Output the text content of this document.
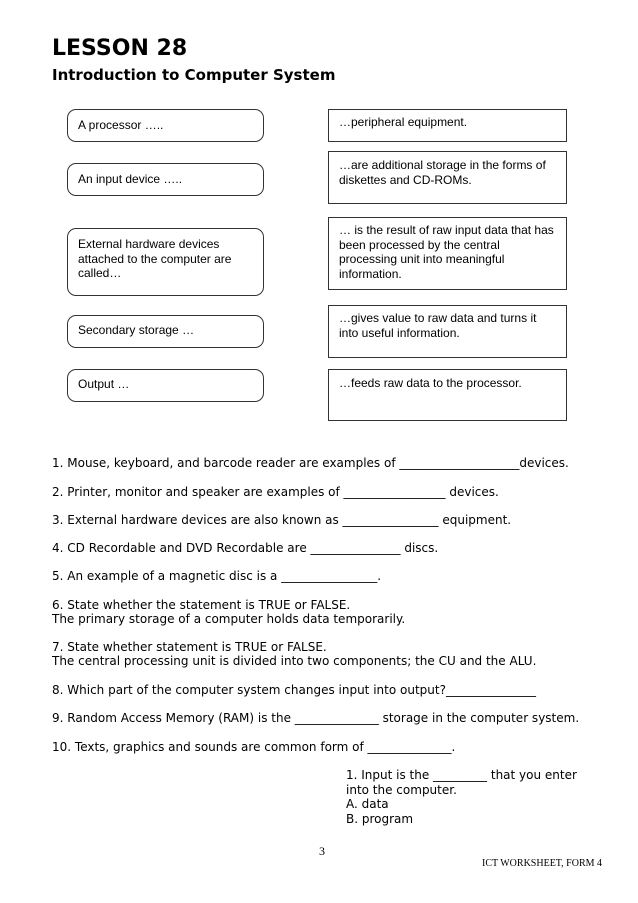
LESSON 28
Introduction to Computer System
A processor …..
An input device …..
External hardware devices attached to the computer are called…
Secondary storage …
Output …
…peripheral equipment.
…are additional storage in the forms of diskettes and CD-ROMs.
… is the result of raw input data that has been processed by the central processing unit into meaningful information.
…gives value to raw data and turns it into useful information.
…feeds raw data to the processor.

1. Mouse, keyboard, and barcode reader are examples of ____________________devices.

2. Printer, monitor and speaker are examples of _________________ devices.

3. External hardware devices are also known as ________________ equipment.

4. CD Recordable and DVD Recordable are _______________ discs.

5. An example of a magnetic disc is a ________________.

6. State whether the statement is TRUE or FALSE.

The primary storage of a computer holds data temporarily.

7. State whether statement is TRUE or FALSE.

The central processing unit is divided into two components; the CU and the ALU.

8. Which part of the computer system changes input into output?_______________

9. Random Access Memory (RAM) is the ______________ storage in the computer system.

10. Texts, graphics and sounds are common form of ______________.

1. Input is the _________ that you enter
into the computer.
A. data
B. program
3
ICT WORKSHEET, FORM 4
